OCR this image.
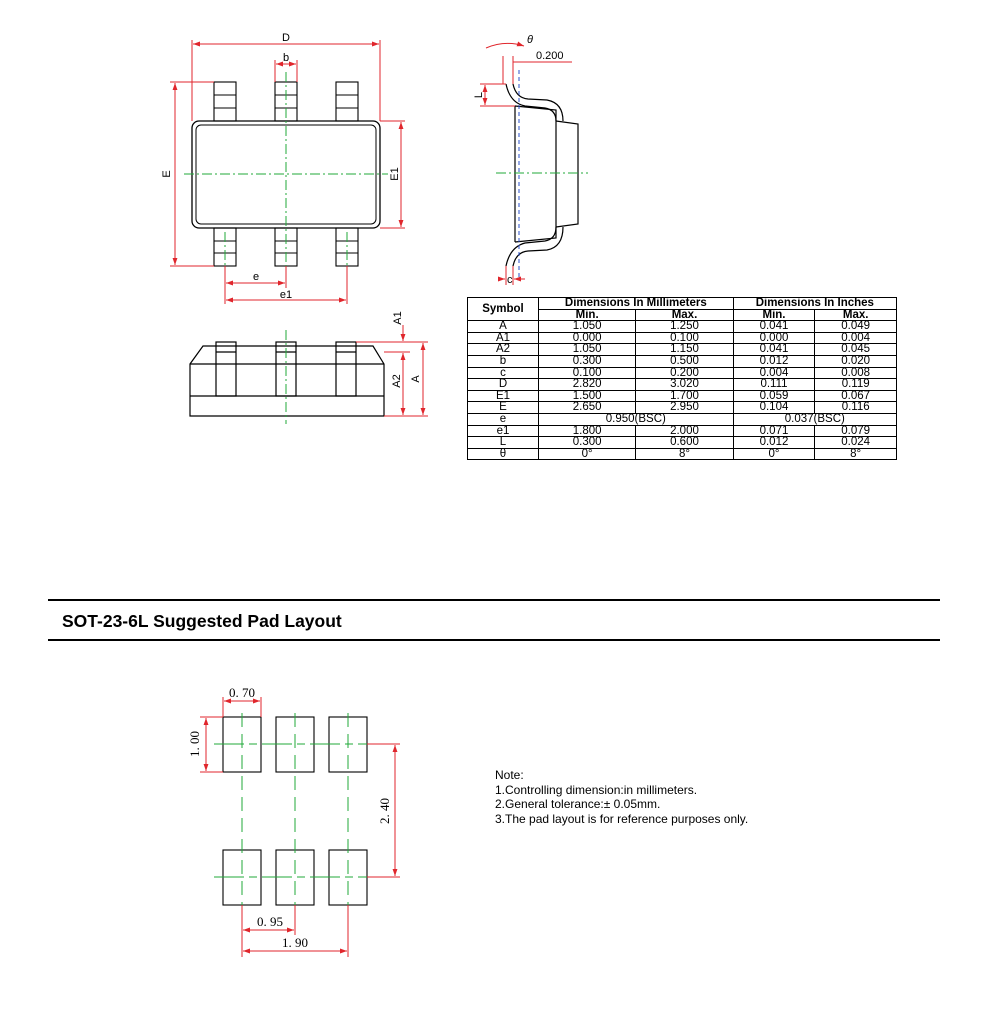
D
b
E	E1
e
e1
θ
0.200
L
c
A1
A2 A
0. 70
1. 00
2. 40
0. 95
1. 90
Symbol	Dimensions In Millimeters		Dimensions In Inches	
	Min.	Max.	Min.	Max.
A	1.050	1.250	0.041	0.049
A1	0.000	0.100	0.000	0.004
A2	1.050	1.150	0.041	0.045
b	0.300	0.500	0.012	0.020
c	0.100	0.200	0.004	0.008
D	2.820	3.020	0.111	0.119
E1	1.500	1.700	0.059	0.067
E	2.650	2.950	0.104	0.116
e	0.950(BSC)		0.037(BSC)	
e1	1.800	2.000	0.071	0.079
L	0.300	0.600	0.012	0.024
θ	0°	8°	0°	8°
SOT-23-6L Suggested Pad Layout
Note:
1.Controlling dimension:in millimeters.
2.General tolerance:± 0.05mm.
3.The pad layout is for reference purposes only.
